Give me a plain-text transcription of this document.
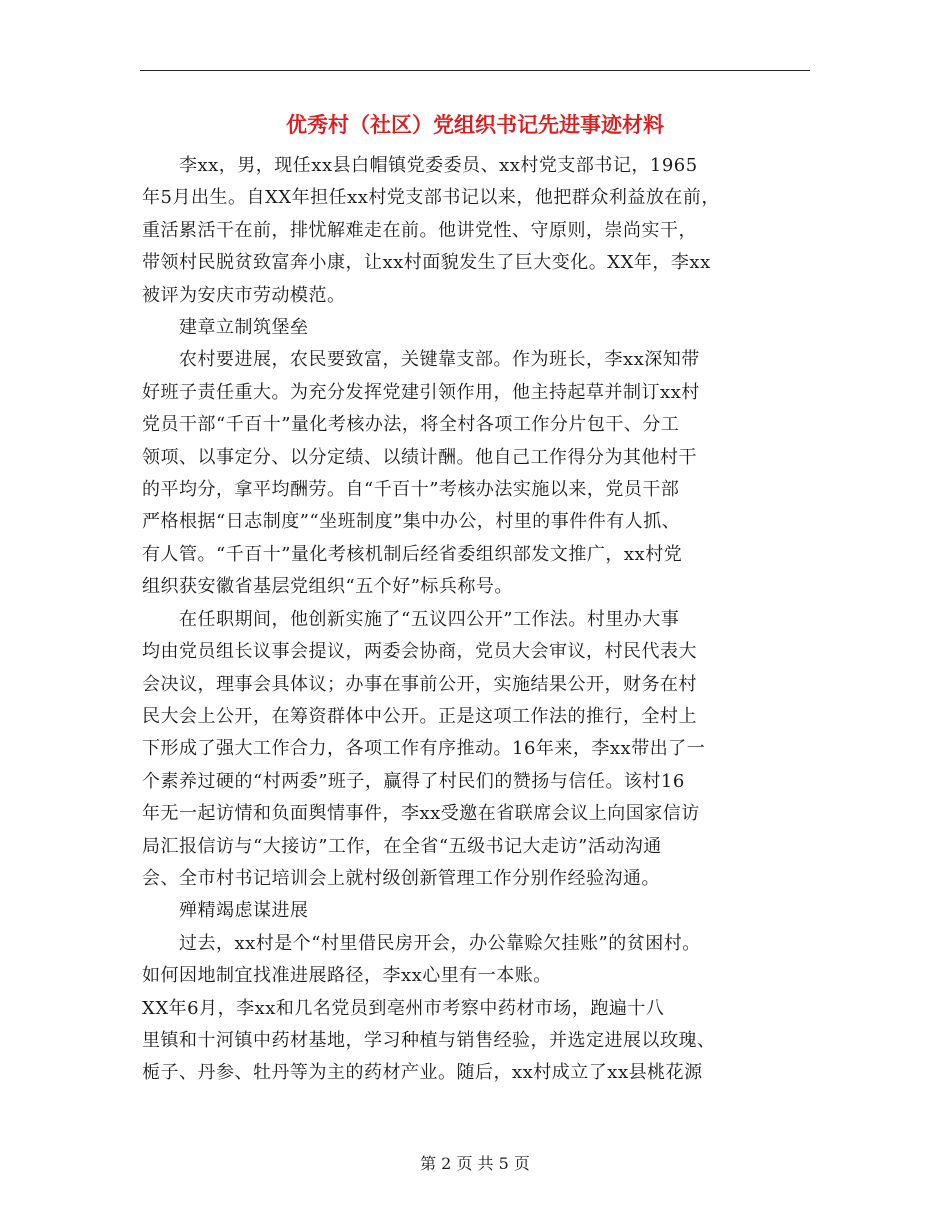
优秀村（社区）党组织书记先进事迹材料

　　李xx，男，现任xx县白帽镇党委委员、xx村党支部书记，1965
年5月出生。自XX年担任xx村党支部书记以来，他把群众利益放在前，
重活累活干在前，排忧解难走在前。他讲党性、守原则，崇尚实干，
带领村民脱贫致富奔小康，让xx村面貌发生了巨大变化。XX年，李xx
被评为安庆市劳动模范。

　　建章立制筑堡垒

　　农村要进展，农民要致富，关键靠支部。作为班长，李xx深知带
好班子责任重大。为充分发挥党建引领作用，他主持起草并制订xx村
党员干部“千百十”量化考核办法，将全村各项工作分片包干、分工
领项、以事定分、以分定绩、以绩计酬。他自己工作得分为其他村干
的平均分，拿平均酬劳。自“千百十”考核办法实施以来，党员干部
严格根据“日志制度”“坐班制度”集中办公，村里的事件件有人抓、
有人管。“千百十”量化考核机制后经省委组织部发文推广，xx村党
组织获安徽省基层党组织“五个好”标兵称号。

　　在任职期间，他创新实施了“五议四公开”工作法。村里办大事
均由党员组长议事会提议，两委会协商，党员大会审议，村民代表大
会决议，理事会具体议；办事在事前公开，实施结果公开，财务在村
民大会上公开，在筹资群体中公开。正是这项工作法的推行，全村上
下形成了强大工作合力，各项工作有序推动。16年来，李xx带出了一
个素养过硬的“村两委”班子，赢得了村民们的赞扬与信任。该村16
年无一起访情和负面舆情事件，李xx受邀在省联席会议上向国家信访
局汇报信访与“大接访”工作，在全省“五级书记大走访”活动沟通
会、全市村书记培训会上就村级创新管理工作分别作经验沟通。

　　殚精竭虑谋进展

　　过去，xx村是个“村里借民房开会，办公靠赊欠挂账”的贫困村。
如何因地制宜找准进展路径，李xx心里有一本账。

XX年6月，李xx和几名党员到亳州市考察中药材市场，跑遍十八
里镇和十河镇中药材基地，学习种植与销售经验，并选定进展以玫瑰、
栀子、丹参、牡丹等为主的药材产业。随后，xx村成立了xx县桃花源

第 2 页 共 5 页
